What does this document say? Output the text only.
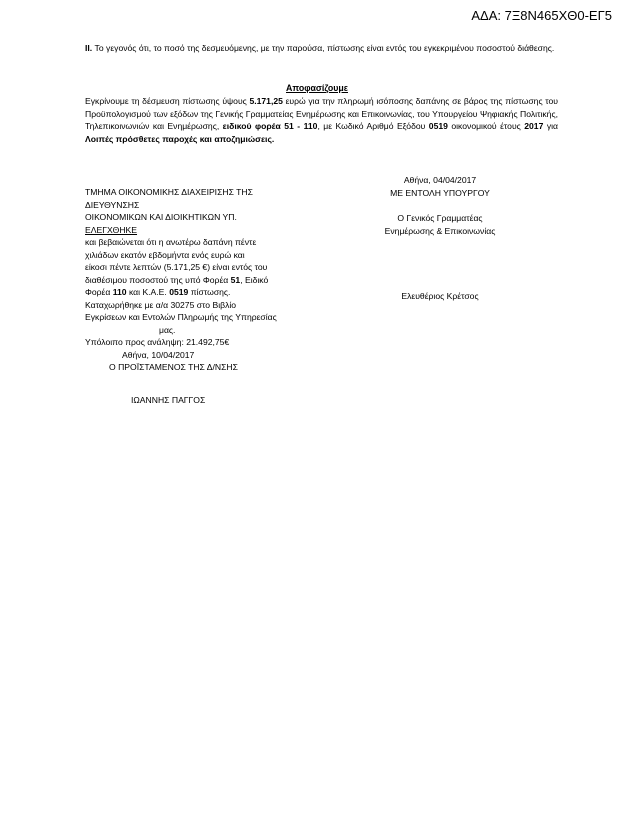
ΑΔΑ: 7Ξ8Ν465ΧΘ0-ΕΓ5
II. Το γεγονός ότι, το ποσό της δεσμευόμενης, με την παρούσα, πίστωσης είναι εντός του εγκεκριμένου ποσοστού διάθεσης.
Αποφασίζουμε
Εγκρίνουμε τη δέσμευση πίστωσης ύψους 5.171,25 ευρώ για την πληρωμή ισόποσης δαπάνης σε βάρος της πίστωσης του Προϋπολογισμού των εξόδων της Γενικής Γραμματείας Ενημέρωσης και Επικοινωνίας, του Υπουργείου Ψηφιακής Πολιτικής, Τηλεπικοινωνιών και Ενημέρωσης, ειδικού φορέα 51 - 110, με Κωδικό Αριθμό Εξόδου 0519 οικονομικού έτους 2017 για Λοιπές πρόσθετες παροχές και αποζημιώσεις.
Αθήνα, 04/04/2017
ΜΕ ΕΝΤΟΛΗ ΥΠΟΥΡΓΟΥ
Ο Γενικός Γραμματέας
Ενημέρωσης & Επικοινωνίας
Ελευθέριος Κρέτσος
ΤΜΗΜΑ ΟΙΚΟΝΟΜΙΚΗΣ ΔΙΑΧΕΙΡΙΣΗΣ ΤΗΣ
ΔΙΕΥΘΥΝΣΗΣ
ΟΙΚΟΝΟΜΙΚΩΝ ΚΑΙ ΔΙΟΙΚΗΤΙΚΩΝ ΥΠ.
ΕΛΕΓΧΘΗΚΕ
και βεβαιώνεται ότι η ανωτέρω δαπάνη πέντε
χιλιάδων εκατόν εβδομήντα ενός ευρώ και
είκοσι πέντε λεπτών (5.171,25 €) είναι εντός του
διαθέσιμου ποσοστού της υπό Φορέα 51, Ειδικό
Φορέα 110 και Κ.Α.Ε. 0519 πίστωσης.
Καταχωρήθηκε με α/α 30275 στο Βιβλίο
Εγκρίσεων και Εντολών Πληρωμής της Υπηρεσίας
μας.
Υπόλοιπο προς ανάληψη: 21.492,75€
Αθήνα, 10/04/2017
Ο ΠΡΟΪΣΤΑΜΕΝΟΣ ΤΗΣ Δ/ΝΣΗΣ
ΙΩΑΝΝΗΣ ΠΑΓΓΟΣ
